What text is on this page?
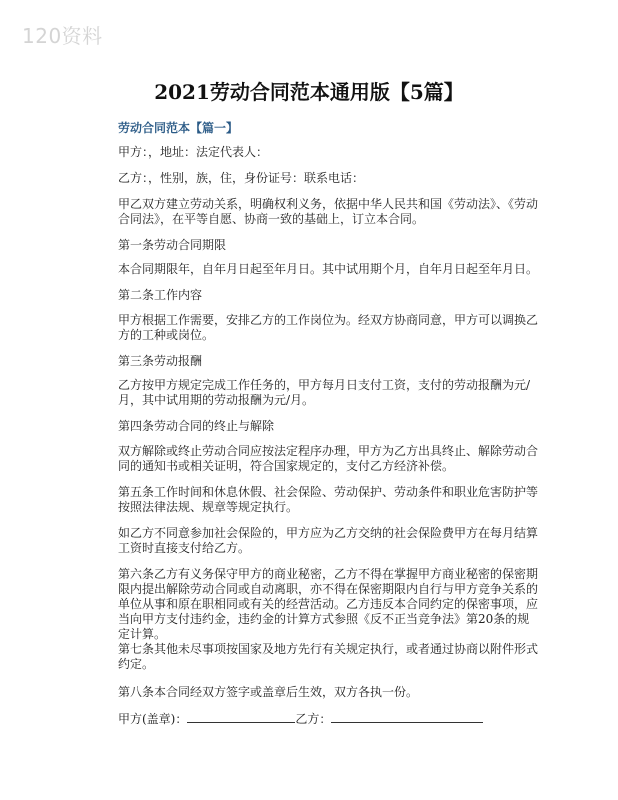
120资料
2021劳动合同范本通用版【5篇】
劳动合同范本【篇一】
甲方：，地址：法定代表人：
乙方：，性别，族，住，身份证号：联系电话：
甲乙双方建立劳动关系，明确权利义务，依据中华人民共和国《劳动法》、《劳动合同法》，在平等自愿、协商一致的基础上，订立本合同。
第一条劳动合同期限
本合同期限年，自年月日起至年月日。其中试用期个月，自年月日起至年月日。
第二条工作内容
甲方根据工作需要，安排乙方的工作岗位为。经双方协商同意，甲方可以调换乙方的工种或岗位。
第三条劳动报酬
乙方按甲方规定完成工作任务的，甲方每月日支付工资，支付的劳动报酬为元/月，其中试用期的劳动报酬为元/月。
第四条劳动合同的终止与解除
双方解除或终止劳动合同应按法定程序办理，甲方为乙方出具终止、解除劳动合同的通知书或相关证明，符合国家规定的，支付乙方经济补偿。
第五条工作时间和休息休假、社会保险、劳动保护、劳动条件和职业危害防护等按照法律法规、规章等规定执行。
如乙方不同意参加社会保险的，甲方应为乙方交纳的社会保险费甲方在每月结算工资时直接支付给乙方。
第六条乙方有义务保守甲方的商业秘密，乙方不得在掌握甲方商业秘密的保密期限内提出解除劳动合同或自动离职，亦不得在保密期限内自行与甲方竞争关系的单位从事和原在职相同或有关的经营活动。乙方违反本合同约定的保密事项，应当向甲方支付违约金，违约金的计算方式参照《反不正当竞争法》第20条的规定计算。
第七条其他未尽事项按国家及地方先行有关规定执行，或者通过协商以附件形式约定。
第八条本合同经双方签字或盖章后生效，双方各执一份。
甲方(盖章)：	乙方：
